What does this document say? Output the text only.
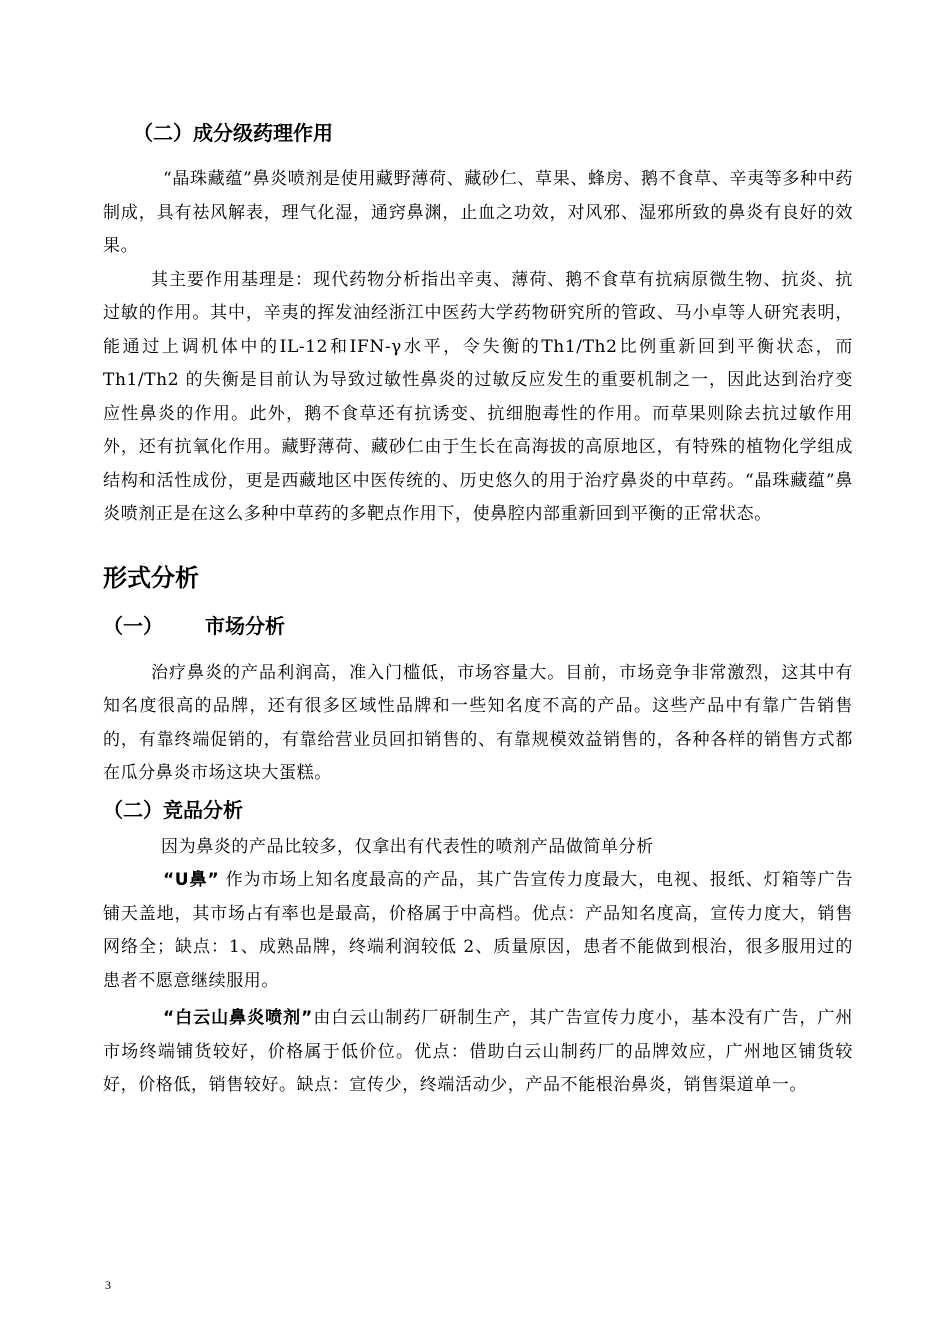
（二）成分级药理作用

“晶珠藏蕴”鼻炎喷剂是使用藏野薄荷、藏砂仁、草果、蜂房、鹅不食草、辛夷等多种中药制成，具有祛风解表，理气化湿，通窍鼻渊，止血之功效，对风邪、湿邪所致的鼻炎有良好的效果。

其主要作用基理是：现代药物分析指出辛夷、薄荷、鹅不食草有抗病原微生物、抗炎、抗过敏的作用。其中，辛夷的挥发油经浙江中医药大学药物研究所的管政、马小卓等人研究表明，能通过上调机体中的IL-12和IFN-γ水平，令失衡的Th1/Th2比例重新回到平衡状态，而 Th1/Th2 的失衡是目前认为导致过敏性鼻炎的过敏反应发生的重要机制之一，因此达到治疗变应性鼻炎的作用。此外，鹅不食草还有抗诱变、抗细胞毒性的作用。而草果则除去抗过敏作用外，还有抗氧化作用。藏野薄荷、藏砂仁由于生长在高海拔的高原地区，有特殊的植物化学组成结构和活性成份，更是西藏地区中医传统的、历史悠久的用于治疗鼻炎的中草药。“晶珠藏蕴”鼻炎喷剂正是在这么多种中草药的多靶点作用下，使鼻腔内部重新回到平衡的正常状态。

形式分析
（一） 市场分析

治疗鼻炎的产品利润高，准入门槛低，市场容量大。目前，市场竞争非常激烈，这其中有知名度很高的品牌，还有很多区域性品牌和一些知名度不高的产品。这些产品中有靠广告销售的，有靠终端促销的，有靠给营业员回扣销售的、有靠规模效益销售的，各种各样的销售方式都在瓜分鼻炎市场这块大蛋糕。

（二）竞品分析

因为鼻炎的产品比较多，仅拿出有代表性的喷剂产品做简单分析

“U鼻” 作为市场上知名度最高的产品，其广告宣传力度最大，电视、报纸、灯箱等广告铺天盖地，其市场占有率也是最高，价格属于中高档。优点：产品知名度高，宣传力度大，销售网络全；缺点：1、成熟品牌，终端利润较低 2、质量原因，患者不能做到根治，很多服用过的患者不愿意继续服用。

“白云山鼻炎喷剂”由白云山制药厂研制生产，其广告宣传力度小，基本没有广告，广州市场终端铺货较好，价格属于低价位。优点：借助白云山制药厂的品牌效应，广州地区铺货较好，价格低，销售较好。缺点：宣传少，终端活动少，产品不能根治鼻炎，销售渠道单一。

3
